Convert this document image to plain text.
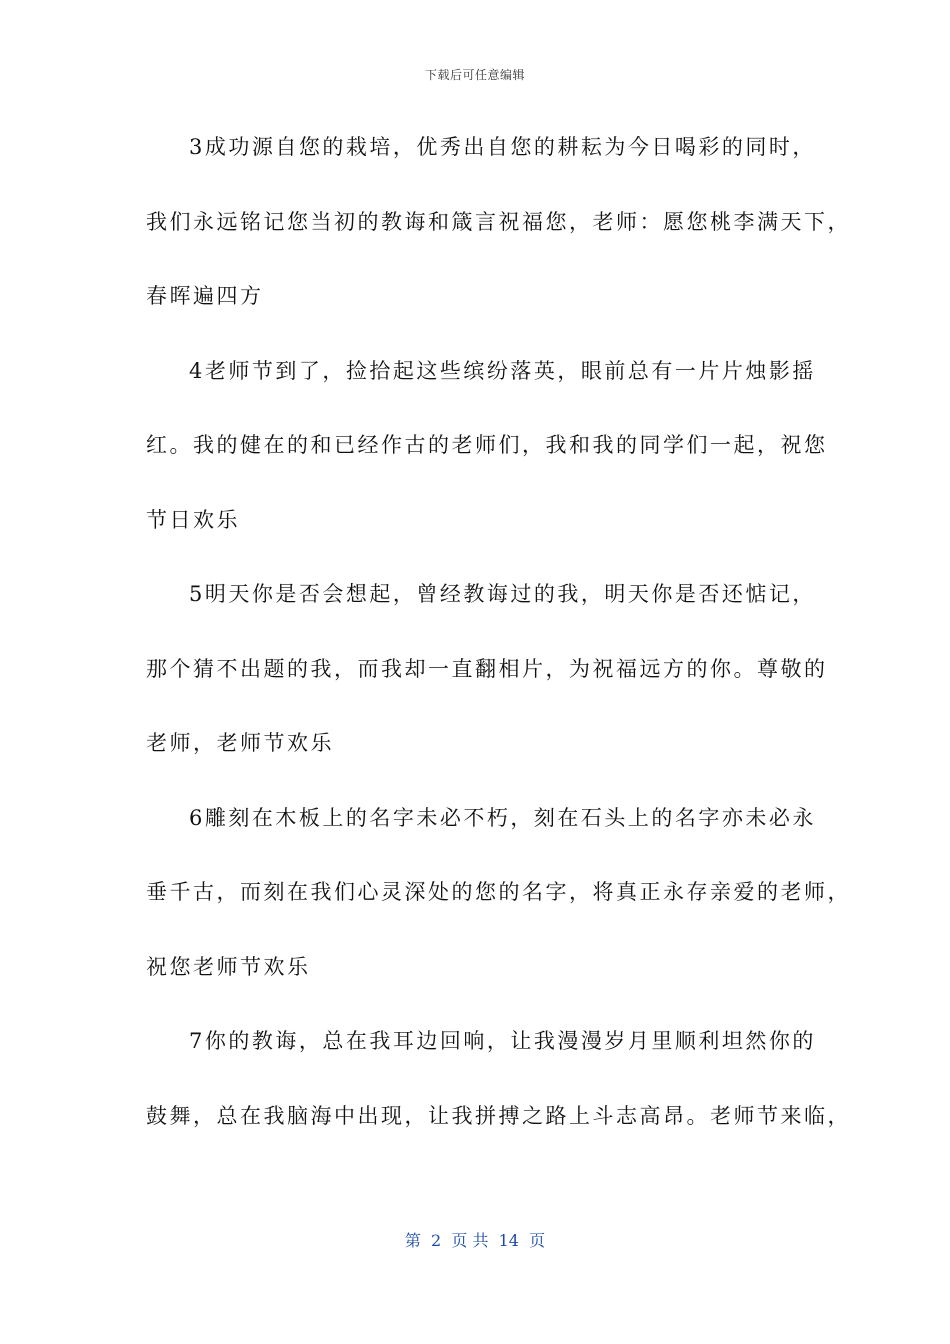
下载后可任意编辑
3成功源自您的栽培，优秀出自您的耕耘为今日喝彩的同时，
我们永远铭记您当初的教诲和箴言祝福您，老师：愿您桃李满天下，
春晖遍四方
4老师节到了，捡拾起这些缤纷落英，眼前总有一片片烛影摇
红。我的健在的和已经作古的老师们，我和我的同学们一起，祝您
节日欢乐
5明天你是否会想起，曾经教诲过的我，明天你是否还惦记，
那个猜不出题的我，而我却一直翻相片，为祝福远方的你。尊敬的
老师，老师节欢乐
6雕刻在木板上的名字未必不朽，刻在石头上的名字亦未必永
垂千古，而刻在我们心灵深处的您的名字，将真正永存亲爱的老师，
祝您老师节欢乐
7你的教诲，总在我耳边回响，让我漫漫岁月里顺利坦然你的
鼓舞，总在我脑海中出现，让我拼搏之路上斗志高昂。老师节来临，
第  2  页 共  14  页
